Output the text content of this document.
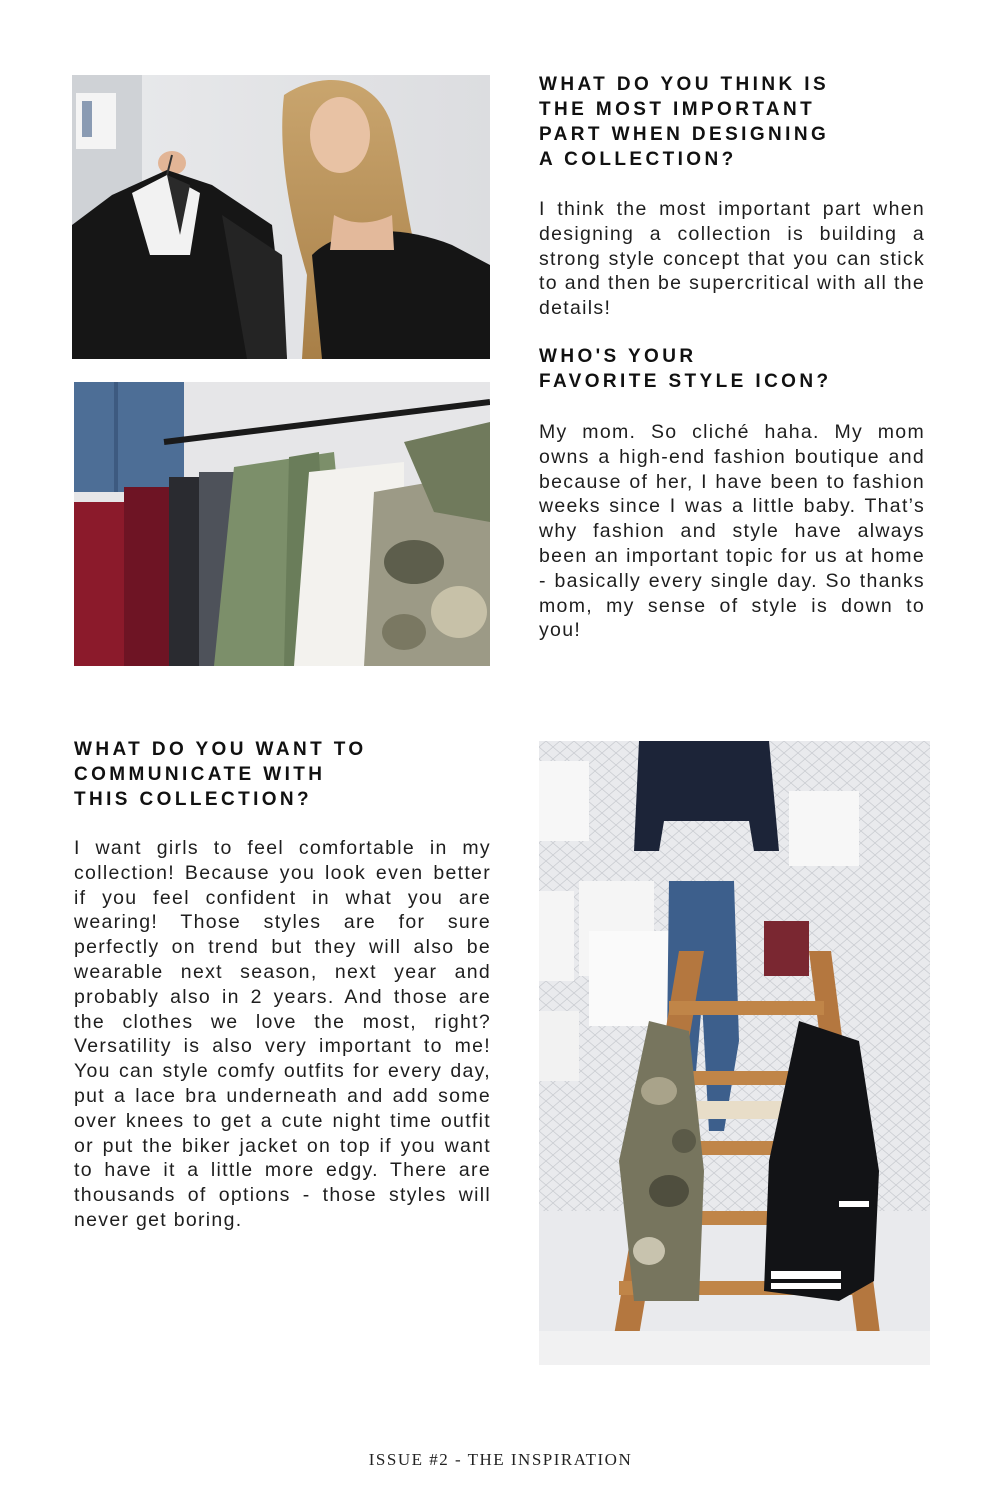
WHAT DO YOU THINK IS
THE MOST IMPORTANT
PART WHEN DESIGNING
A COLLECTION?

I think the most important part when designing a collection is building a strong style concept that you can stick to and then be supercritical with all the details!

WHO'S YOUR
FAVORITE STYLE ICON?

My mom. So cliché haha. My mom owns a high-end fashion boutique and because of her, I have been to fashion weeks since I was a little baby. That’s why fashion and style have always been an important topic for us at home - basically every single day. So thanks mom, my sense of style is down to you!

WHAT DO YOU WANT TO
COMMUNICATE WITH
THIS COLLECTION?

I want girls to feel comfortable in my collection! Because you look even better if you feel confident in what you are wearing! Those styles are for sure perfectly on trend but they will also be wearable next season, next year and probably also in 2 years. And those are the clothes we love the most, right? Versatility is also very important to me! You can style comfy outfits for every day, put a lace bra underneath and add some over knees to get a cute night time outfit or put the biker jacket on top if you want to have it a little more edgy. There are thousands of options - those styles will never get boring.

ISSUE #2 - THE INSPIRATION
